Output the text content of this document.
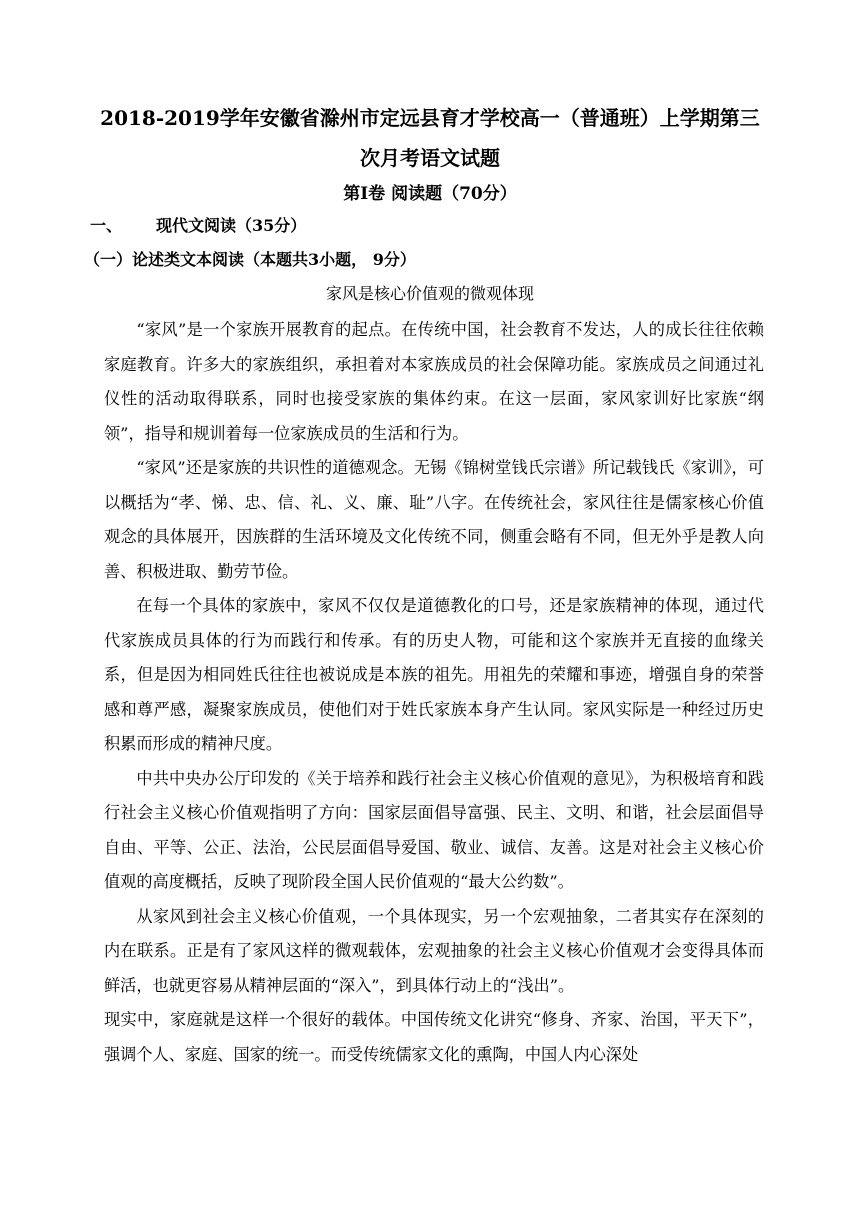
2018-2019学年安徽省滁州市定远县育才学校高一（普通班）上学期第三
次月考语文试题
第Ⅰ卷 阅读题（70分）
一、 现代文阅读（35分）
（一）论述类文本阅读（本题共3小题， 9分）
家风是核心价值观的微观体现

“家风”是一个家族开展教育的起点。在传统中国，社会教育不发达，人的成长往往依赖家庭教育。许多大的家族组织，承担着对本家族成员的社会保障功能。家族成员之间通过礼仪性的活动取得联系，同时也接受家族的集体约束。在这一层面，家风家训好比家族“纲领”，指导和规训着每一位家族成员的生活和行为。

“家风”还是家族的共识性的道德观念。无锡《锦树堂钱氏宗谱》所记载钱氏《家训》，可以概括为“孝、悌、忠、信、礼、义、廉、耻”八字。在传统社会，家风往往是儒家核心价值观念的具体展开，因族群的生活环境及文化传统不同，侧重会略有不同，但无外乎是教人向善、积极进取、勤劳节俭。

在每一个具体的家族中，家风不仅仅是道德教化的口号，还是家族精神的体现，通过代代家族成员具体的行为而践行和传承。有的历史人物，可能和这个家族并无直接的血缘关系，但是因为相同姓氏往往也被说成是本族的祖先。用祖先的荣耀和事迹，增强自身的荣誉感和尊严感，凝聚家族成员，使他们对于姓氏家族本身产生认同。家风实际是一种经过历史积累而形成的精神尺度。

中共中央办公厅印发的《关于培养和践行社会主义核心价值观的意见》，为积极培育和践行社会主义核心价值观指明了方向：国家层面倡导富强、民主、文明、和谐，社会层面倡导自由、平等、公正、法治，公民层面倡导爱国、敬业、诚信、友善。这是对社会主义核心价值观的高度概括，反映了现阶段全国人民价值观的“最大公约数”。

从家风到社会主义核心价值观，一个具体现实，另一个宏观抽象，二者其实存在深刻的内在联系。正是有了家风这样的微观载体，宏观抽象的社会主义核心价值观才会变得具体而鲜活，也就更容易从精神层面的“深入”，到具体行动上的“浅出”。

现实中，家庭就是这样一个很好的载体。中国传统文化讲究“修身、齐家、治国，平天下”，强调个人、家庭、国家的统一。而受传统儒家文化的熏陶，中国人内心深处
